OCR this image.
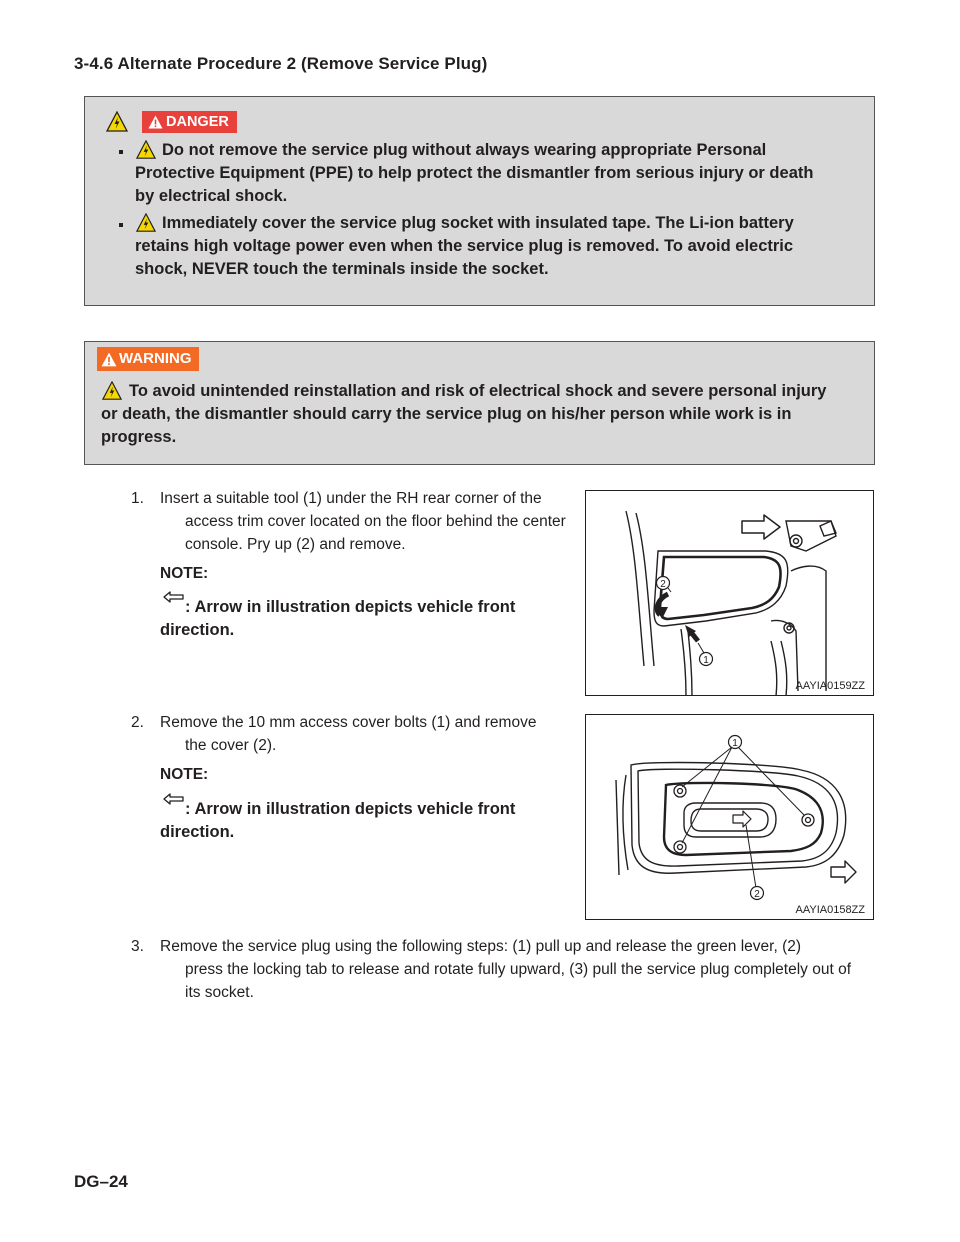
3-4.6 Alternate Procedure 2 (Remove Service Plug)
DANGER
Do not remove the service plug without always wearing appropriate Personal
Protective Equipment (PPE) to help protect the dismantler from serious injury or death
by electrical shock.
Immediately cover the service plug socket with insulated tape. The Li-ion battery
retains high voltage power even when the service plug is removed. To avoid electric
shock, NEVER touch the terminals inside the socket.
WARNING
To avoid unintended reinstallation and risk of electrical shock and severe personal injury
or death, the dismantler should carry the service plug on his/her person while work is in
progress.
1. Insert a suitable tool (1) under the RH rear corner of the
access trim cover located on the floor behind the center
console. Pry up (2) and remove.
NOTE:
: Arrow in illustration depicts vehicle front
direction.
2
1
AAYIA0159ZZ
2. Remove the 10 mm access cover bolts (1) and remove
the cover (2).
NOTE:
: Arrow in illustration depicts vehicle front
direction.
1
2
AAYIA0158ZZ
3. Remove the service plug using the following steps: (1) pull up and release the green lever, (2)
press the locking tab to release and rotate fully upward, (3) pull the service plug completely out of
its socket.
DG–24
